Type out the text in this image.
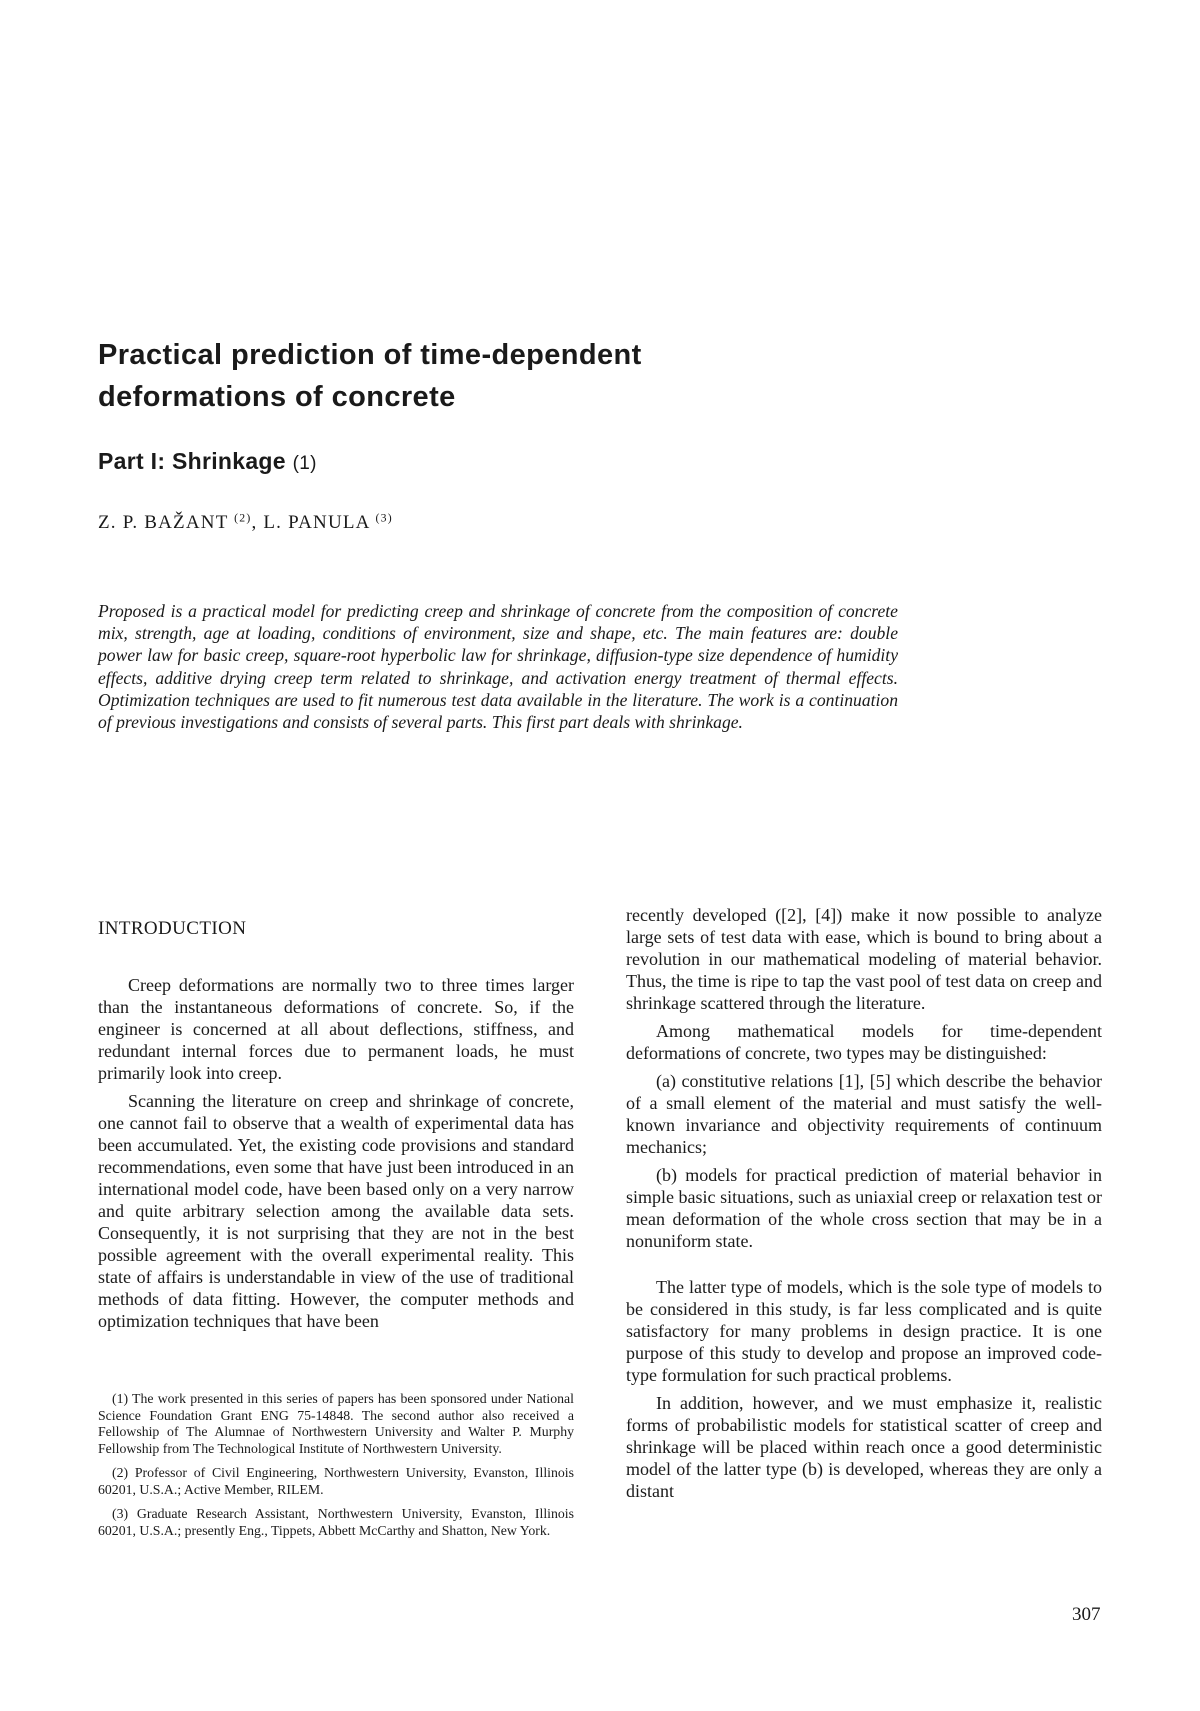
Practical prediction of time-dependent
deformations of concrete
Part I: Shrinkage (1)

Z. P. BAŽANT $^{(2)}$, L. PANULA $^{(3)}$

Proposed is a practical model for predicting creep and shrinkage of concrete from the composition of concrete mix, strength, age at loading, conditions of environment, size and shape, etc. The main features are: double power law for basic creep, square-root hyperbolic law for shrinkage, diffusion-type size dependence of humidity effects, additive drying creep term related to shrinkage, and activation energy treatment of thermal effects. Optimization techniques are used to fit numerous test data available in the literature. The work is a continuation of previous investigations and consists of several parts. This first part deals with shrinkage.

INTRODUCTION

Creep deformations are normally two to three times larger than the instantaneous deformations of concrete. So, if the engineer is concerned at all about deflections, stiffness, and redundant internal forces due to permanent loads, he must primarily look into creep.

Scanning the literature on creep and shrinkage of concrete, one cannot fail to observe that a wealth of experimental data has been accumulated. Yet, the existing code provisions and standard recommendations, even some that have just been introduced in an international model code, have been based only on a very narrow and quite arbitrary selection among the available data sets. Consequently, it is not surprising that they are not in the best possible agreement with the overall experimental reality. This state of affairs is understandable in view of the use of traditional methods of data fitting. However, the computer methods and optimization techniques that have been

(1) The work presented in this series of papers has been sponsored under National Science Foundation Grant ENG 75-14848. The second author also received a Fellowship of The Alumnae of Northwestern University and Walter P. Murphy Fellowship from The Technological Institute of Northwestern University.

(2) Professor of Civil Engineering, Northwestern University, Evanston, Illinois 60201, U.S.A.; Active Member, RILEM.

(3) Graduate Research Assistant, Northwestern University, Evanston, Illinois 60201, U.S.A.; presently Eng., Tippets, Abbett McCarthy and Shatton, New York.

recently developed ([2], [4]) make it now possible to analyze large sets of test data with ease, which is bound to bring about a revolution in our mathematical modeling of material behavior. Thus, the time is ripe to tap the vast pool of test data on creep and shrinkage scattered through the literature.

Among mathematical models for time-dependent deformations of concrete, two types may be distinguished:

(a) constitutive relations [1], [5] which describe the behavior of a small element of the material and must satisfy the well-known invariance and objectivity requirements of continuum mechanics;

(b) models for practical prediction of material behavior in simple basic situations, such as uniaxial creep or relaxation test or mean deformation of the whole cross section that may be in a nonuniform state.

The latter type of models, which is the sole type of models to be considered in this study, is far less complicated and is quite satisfactory for many problems in design practice. It is one purpose of this study to develop and propose an improved code-type formulation for such practical problems.

In addition, however, and we must emphasize it, realistic forms of probabilistic models for statistical scatter of creep and shrinkage will be placed within reach once a good deterministic model of the latter type (b) is developed, whereas they are only a distant

307
